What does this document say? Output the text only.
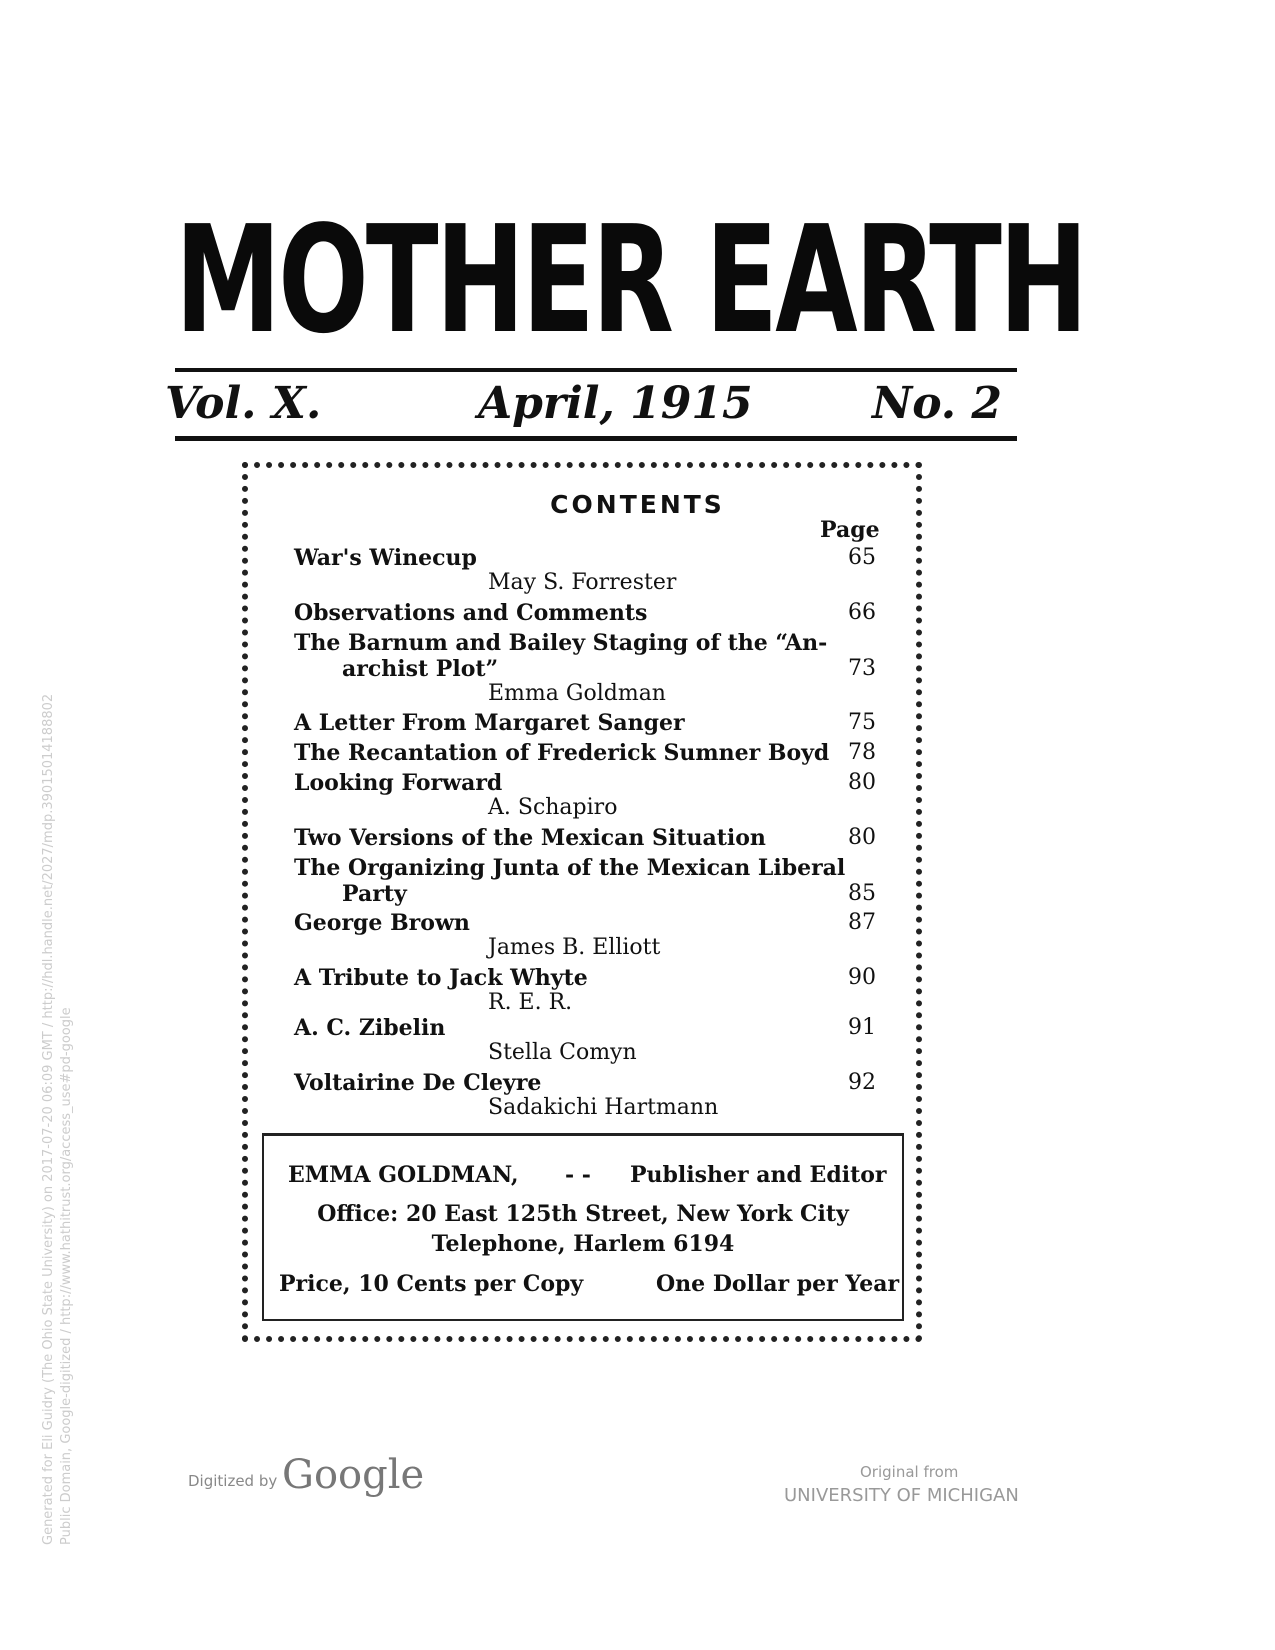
MOTHER EARTH
Vol. X.	April, 1915	No. 2
CONTENTS
Page
War's Winecup	65
May S. Forrester
Observations and Comments	66
The Barnum and Bailey Staging of the “An-
archist Plot”	73
Emma Goldman
A Letter From Margaret Sanger	75
The Recantation of Frederick Sumner Boyd 78
Looking Forward	80
A. Schapiro
Two Versions of the Mexican Situation	80
The Organizing Junta of the Mexican Liberal
Party	85
George Brown	87
James B. Elliott
A Tribute to Jack Whyte	90
R. E. R.
A. C. Zibelin	91
Stella Comyn
Voltairine De Cleyre	92
Sadakichi Hartmann
EMMA GOLDMAN, - - Publisher and Editor
Office: 20 East 125th Street, New York City
Telephone, Harlem 6194
Price, 10 Cents per Copy	One Dollar per Year
Digitized by Google	Original from
UNIVERSITY OF MICHIGAN
Generated for Eli Guidry (The Ohio State University) on 2017-07-20 06:09 GMT / http://hdl.handle.net/2027/mdp.39015014188802 Public Domain, Google-digitized / http://www.hathitrust.org/access_use#pd-google
